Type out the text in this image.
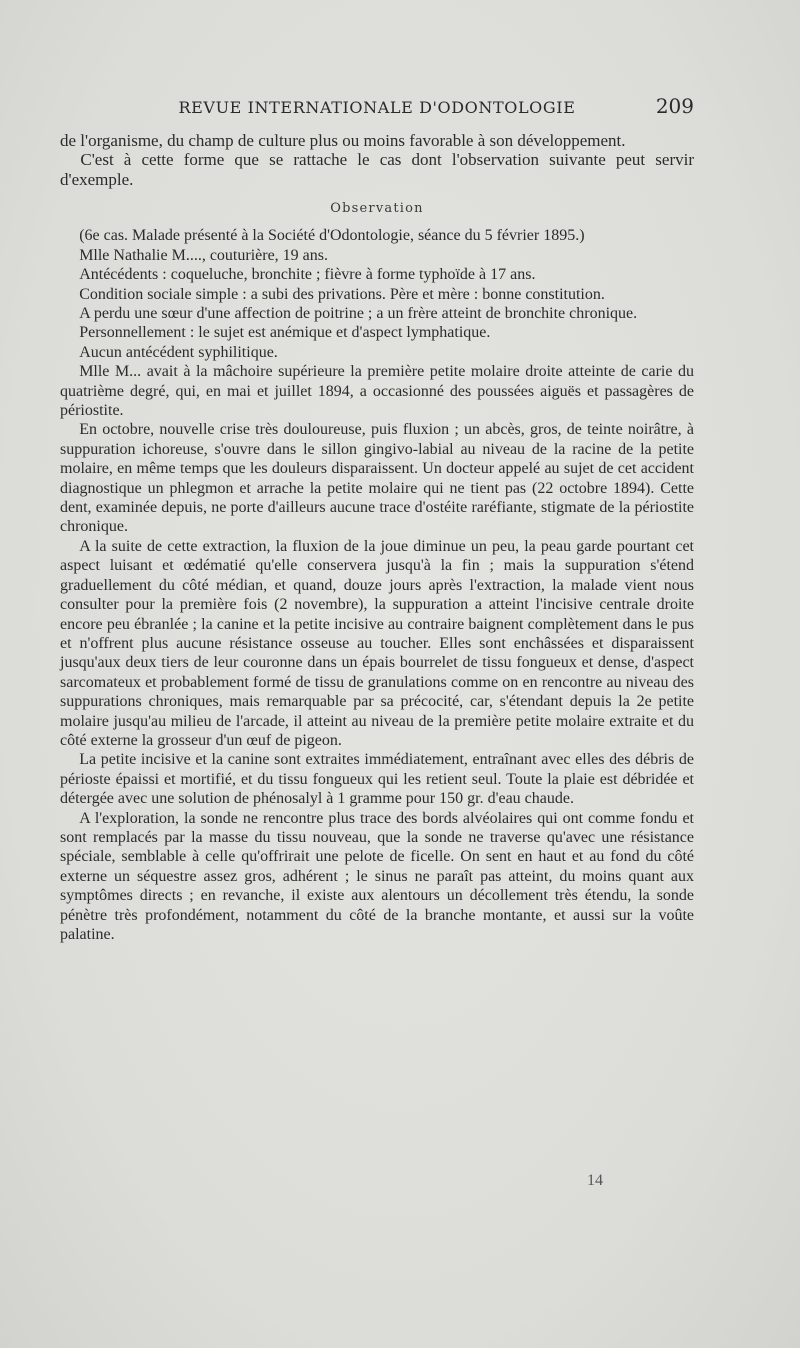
REVUE INTERNATIONALE D'ODONTOLOGIE	209

de l'organisme, du champ de culture plus ou moins favorable à son développement.

C'est à cette forme que se rattache le cas dont l'observation suivante peut servir d'exemple.

Observation

(6e cas. Malade présenté à la Société d'Odontologie, séance du 5 février 1895.)

Mlle Nathalie M...., couturière, 19 ans.

Antécédents : coqueluche, bronchite ; fièvre à forme typhoïde à 17 ans.

Condition sociale simple : a subi des privations. Père et mère : bonne constitution.

A perdu une sœur d'une affection de poitrine ; a un frère atteint de bronchite chronique.

Personnellement : le sujet est anémique et d'aspect lymphatique.

Aucun antécédent syphilitique.

Mlle M... avait à la mâchoire supérieure la première petite molaire droite atteinte de carie du quatrième degré, qui, en mai et juillet 1894, a occasionné des poussées aiguës et passagères de périostite.

En octobre, nouvelle crise très douloureuse, puis fluxion ; un abcès, gros, de teinte noirâtre, à suppuration ichoreuse, s'ouvre dans le sillon gingivo-labial au niveau de la racine de la petite molaire, en même temps que les douleurs disparaissent. Un docteur appelé au sujet de cet accident diagnostique un phlegmon et arrache la petite molaire qui ne tient pas (22 octobre 1894). Cette dent, examinée depuis, ne porte d'ailleurs aucune trace d'ostéite raréfiante, stigmate de la périostite chronique.

A la suite de cette extraction, la fluxion de la joue diminue un peu, la peau garde pourtant cet aspect luisant et œdématié qu'elle conservera jusqu'à la fin ; mais la suppuration s'étend graduellement du côté médian, et quand, douze jours après l'extraction, la malade vient nous consulter pour la première fois (2 novembre), la suppuration a atteint l'incisive centrale droite encore peu ébranlée ; la canine et la petite incisive au contraire baignent complètement dans le pus et n'offrent plus aucune résistance osseuse au toucher. Elles sont enchâssées et disparaissent jusqu'aux deux tiers de leur couronne dans un épais bourrelet de tissu fongueux et dense, d'aspect sarcomateux et probablement formé de tissu de granulations comme on en rencontre au niveau des suppurations chroniques, mais remarquable par sa précocité, car, s'étendant depuis la 2e petite molaire jusqu'au milieu de l'arcade, il atteint au niveau de la première petite molaire extraite et du côté externe la grosseur d'un œuf de pigeon.

La petite incisive et la canine sont extraites immédiatement, entraînant avec elles des débris de périoste épaissi et mortifié, et du tissu fongueux qui les retient seul. Toute la plaie est débridée et détergée avec une solution de phénosalyl à 1 gramme pour 150 gr. d'eau chaude.

A l'exploration, la sonde ne rencontre plus trace des bords alvéolaires qui ont comme fondu et sont remplacés par la masse du tissu nouveau, que la sonde ne traverse qu'avec une résistance spéciale, semblable à celle qu'offrirait une pelote de ficelle. On sent en haut et au fond du côté externe un séquestre assez gros, adhérent ; le sinus ne paraît pas atteint, du moins quant aux symptômes directs ; en revanche, il existe aux alentours un décollement très étendu, la sonde pénètre très profondément, notamment du côté de la branche montante, et aussi sur la voûte palatine.

14
